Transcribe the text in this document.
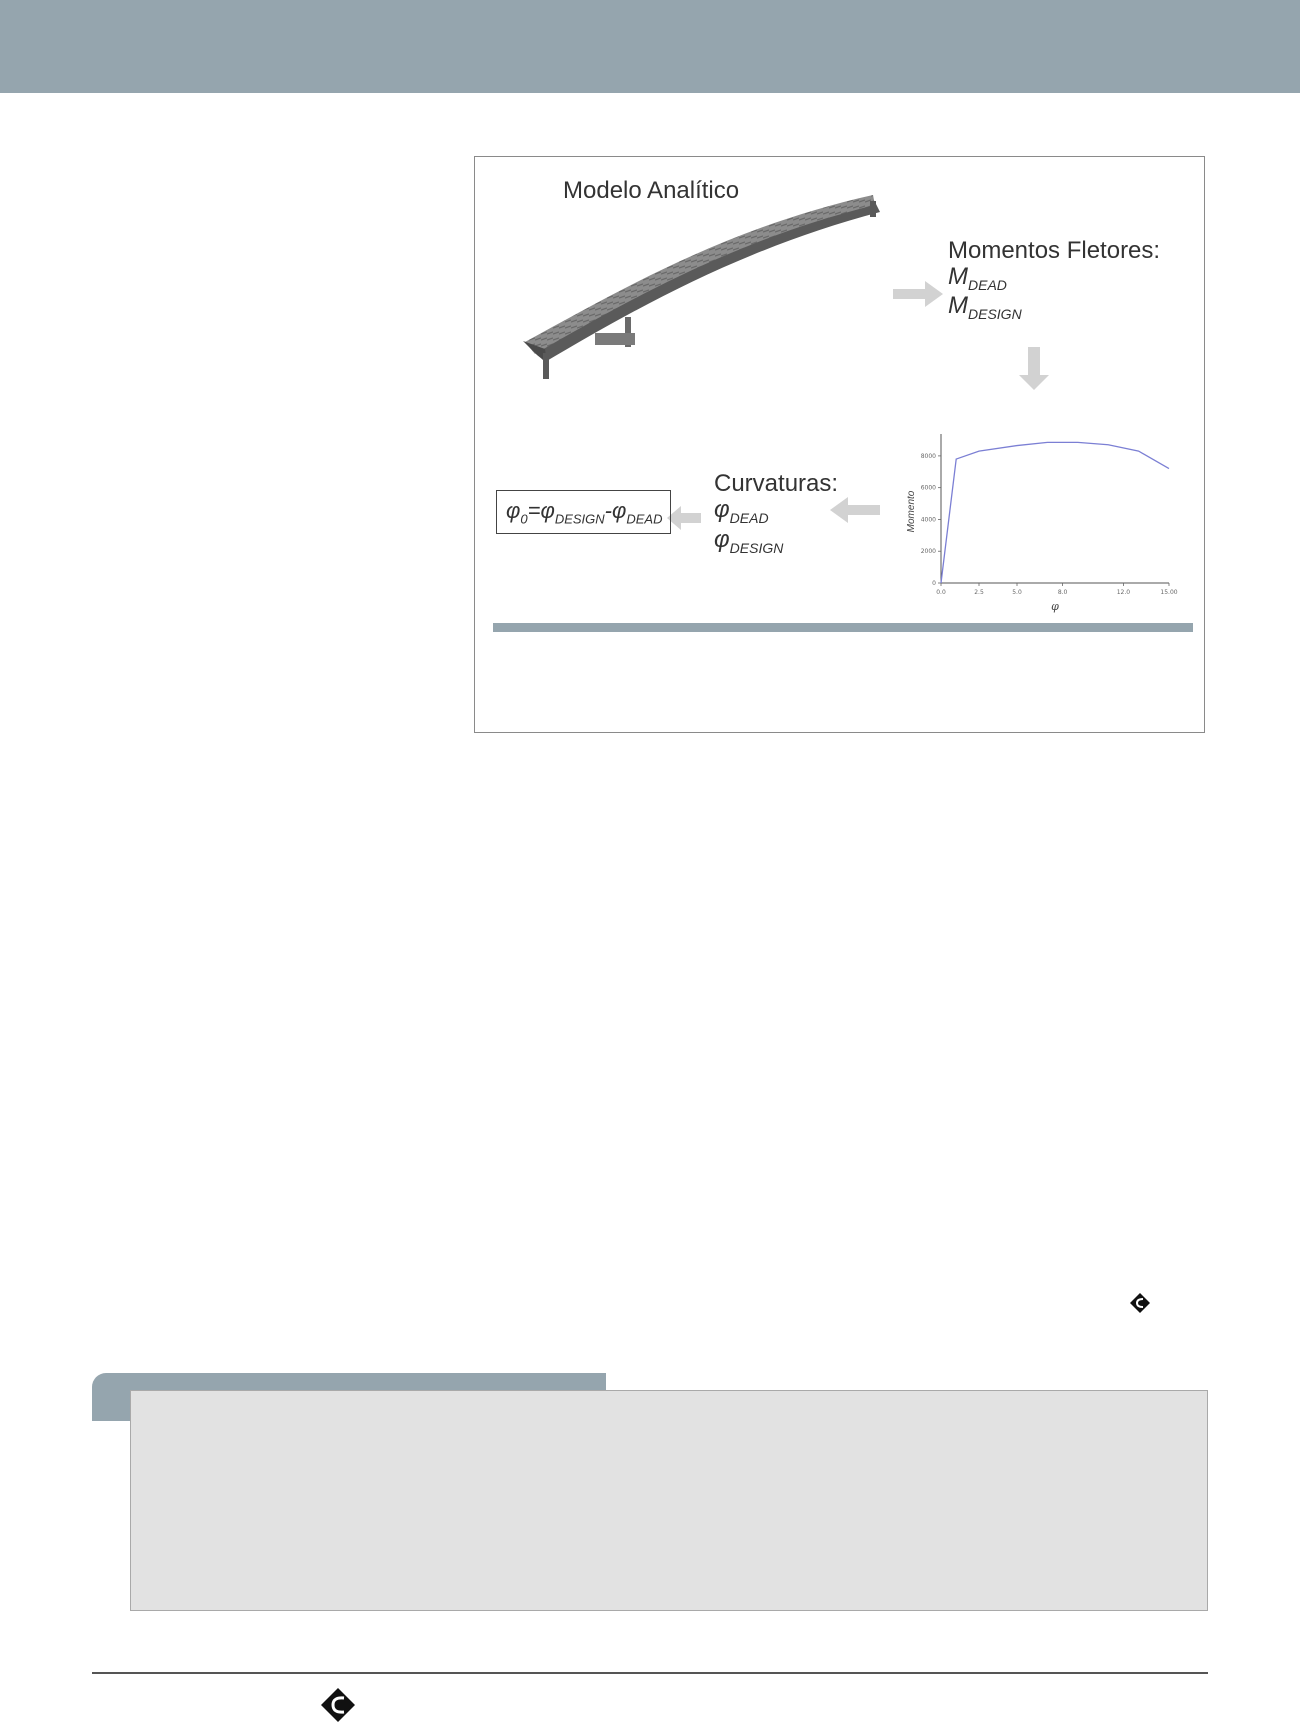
0.0	2.5	5.0	8.0	12.0	15.00
0
2000
4000
6000
8000
φ
Momento
Modelo Analítico
Momentos Fletores:
$M_{DEAD}$
$M_{DESIGN}$
Curvaturas:
$\varphi_{DEAD}$
$\varphi_{DESIGN}$
$\varphi_0=\varphi_{DESIGN}-\varphi_{DEAD}$
